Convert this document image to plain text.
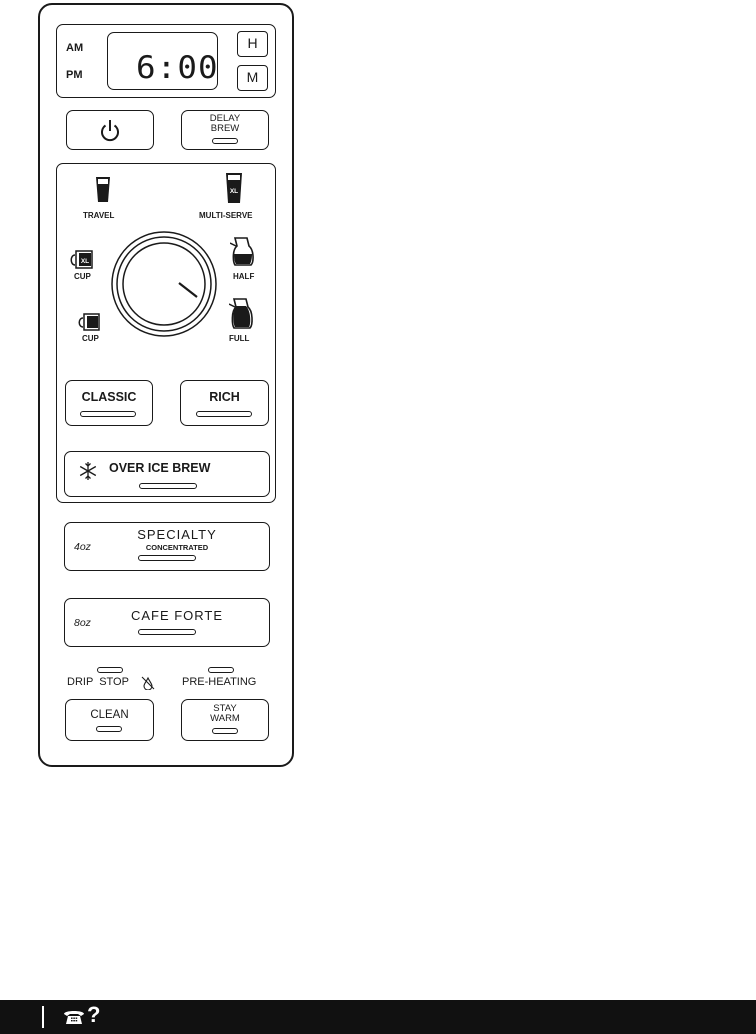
AM
PM 6:00
H
M
DELAY
BREW
TRAVEL
XL
MULTI-SERVE
XL
CUP	HALF
CUP	FULL
CLASSIC	RICH
OVER ICE BREW
4oz
SPECIALTY
CONCENTRATED
8oz	CAFE FORTE
DRIP  STOP	PRE-HEATING
CLEAN
STAY
WARM
?
